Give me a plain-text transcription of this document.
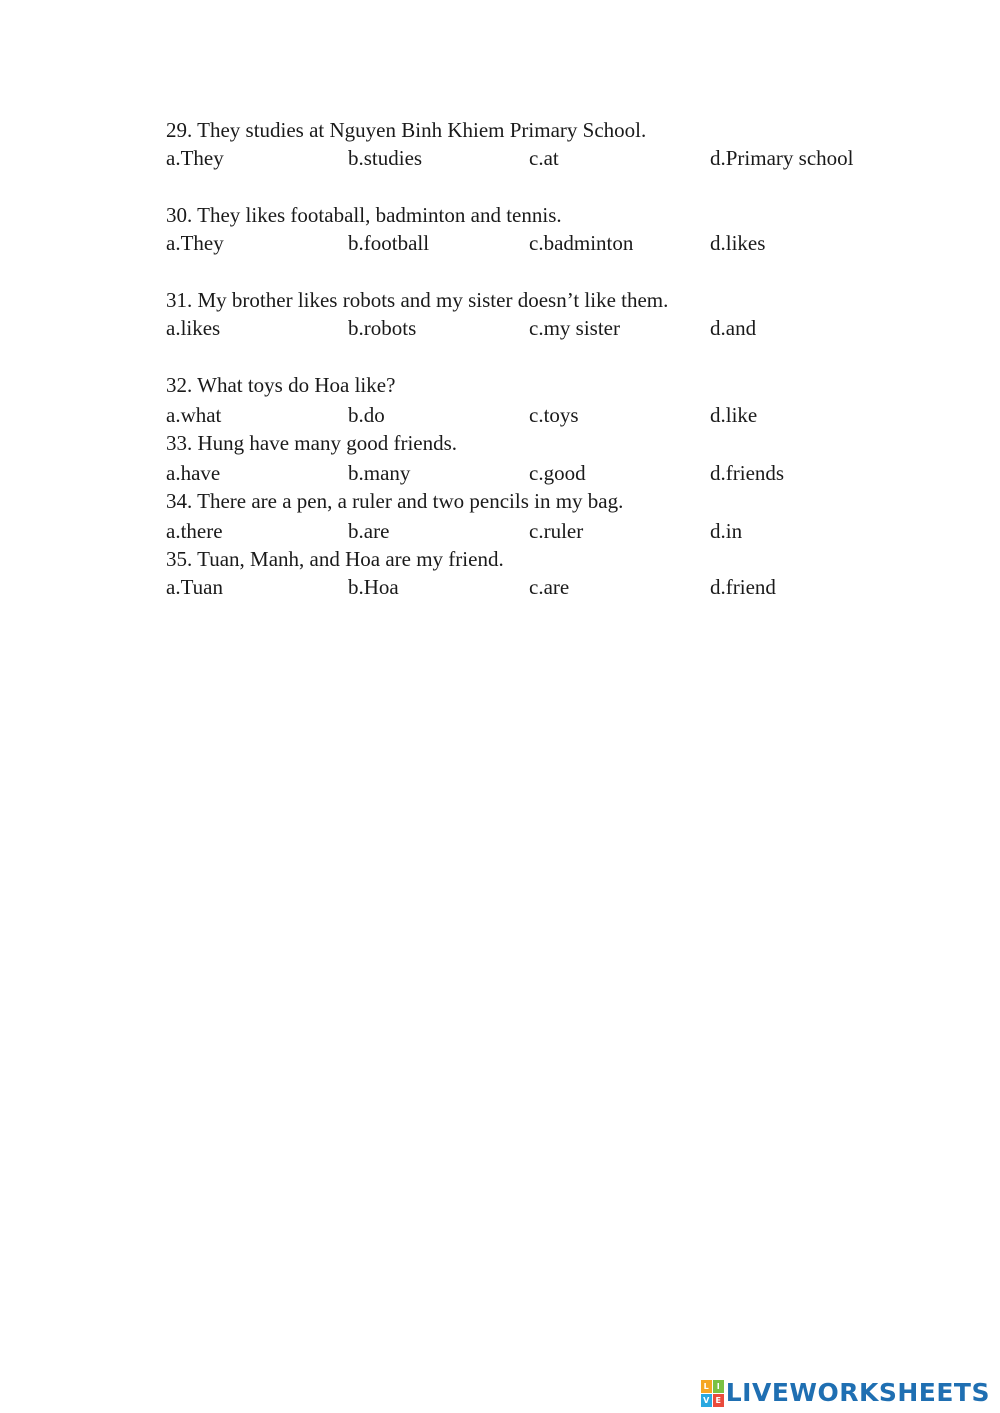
29. They studies at Nguyen Binh Khiem Primary School.
a.They	b.studies	c.at	d.Primary school
30. They likes footaball, badminton and tennis.
a.They	b.football	c.badminton	d.likes
31. My brother likes robots and my sister doesn’t like them.
a.likes	b.robots	c.my sister	d.and
32. What toys do Hoa like?
a.what	b.do	c.toys	d.like
33. Hung have many good friends.
a.have	b.many	c.good	d.friends
34. There are a pen, a ruler and two pencils in my bag.
a.there	b.are	c.ruler	d.in
35. Tuan, Manh, and Hoa are my friend.
a.Tuan	b.Hoa	c.are	d.friend
L I
V E LIVEWORKSHEETS
